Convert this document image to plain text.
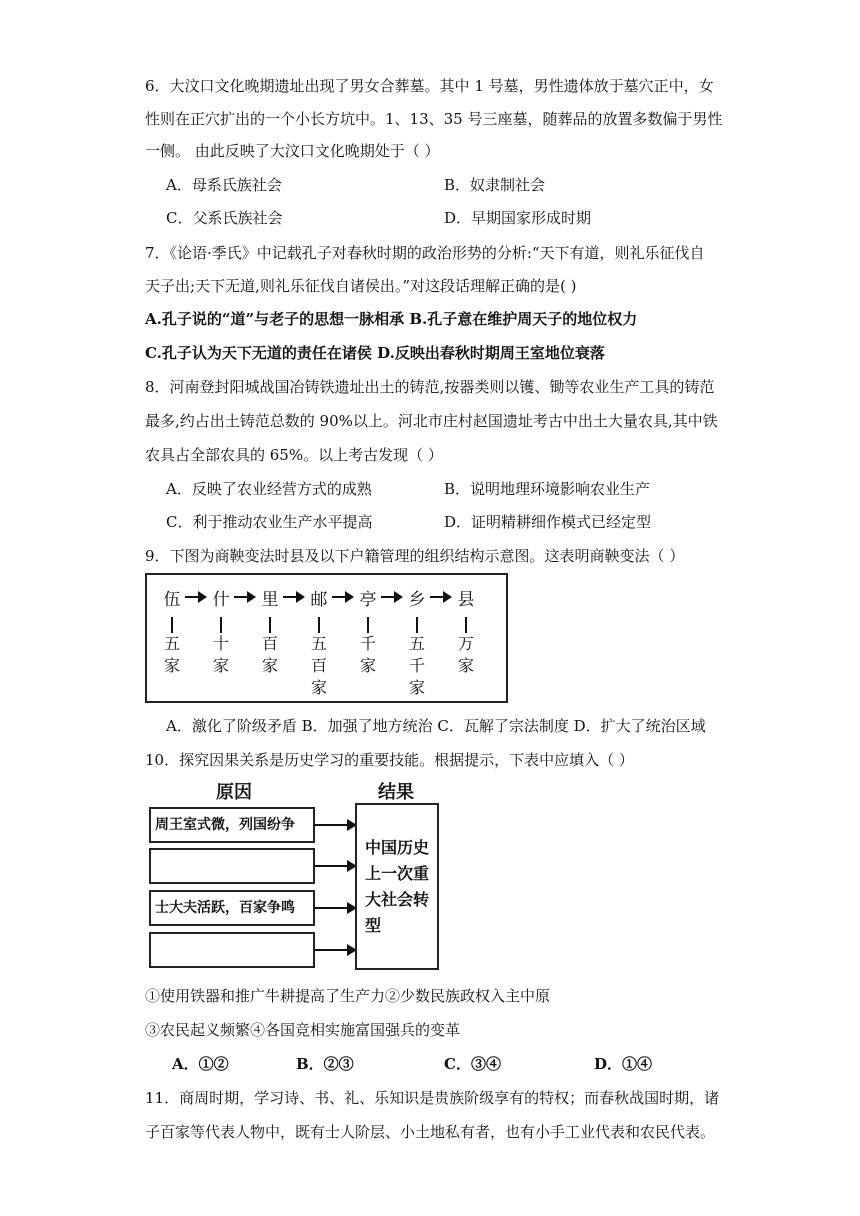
6．大汶口文化晚期遗址出现了男女合葬墓。其中 1 号墓，男性遗体放于墓穴正中，女
性则在正穴扩出的一个小长方坑中。1、13、35 号三座墓，随葬品的放置多数偏于男性
一侧。 由此反映了大汶口文化晚期处于（ ）
A．母系氏族社会	B．奴隶制社会
C．父系氏族社会	D．早期国家形成时期
7．《论语·季氏》中记载孔子对春秋时期的政治形势的分析:“天下有道，则礼乐征伐自
天子出;天下无道,则礼乐征伐自诸侯出。”对这段话理解正确的是( )
A.孔子说的“道”与老子的思想一脉相承 B.孔子意在维护周天子的地位权力
C.孔子认为天下无道的责任在诸侯 D.反映出春秋时期周王室地位衰落
8．河南登封阳城战国冶铸铁遗址出土的铸范,按器类则以镬、锄等农业生产工具的铸范
最多,约占出土铸范总数的 90%以上。河北市庄村赵国遗址考古中出土大量农具,其中铁
农具占全部农具的 65%。以上考古发现（ ）
A．反映了农业经营方式的成熟	B．说明地理环境影响农业生产
C．利于推动农业生产水平提高	D．证明精耕细作模式已经定型
9．下图为商鞅变法时县及以下户籍管理的组织结构示意图。这表明商鞅变法（ ）
伍
五
家
什
十
家
里
百
家
邮
五
百
家
亭
千
家
乡
五
千
家
县
万
家
A．激化了阶级矛盾 B．加强了地方统治 C．瓦解了宗法制度 D．扩大了统治区域
10．探究因果关系是历史学习的重要技能。根据提示，下表中应填入（ ）
原因	结果
周王室式微，列国纷争
士大夫活跃，百家争鸣
中国历史
上一次重
大社会转
型
①使用铁器和推广牛耕提高了生产力②少数民族政权入主中原
③农民起义频繁④各国竞相实施富国强兵的变革
A．①②	B．②③	C．③④	D．①④
11．商周时期，学习诗、书、礼、乐知识是贵族阶级享有的特权；而春秋战国时期，诸
子百家等代表人物中，既有士人阶层、小土地私有者，也有小手工业代表和农民代表。
